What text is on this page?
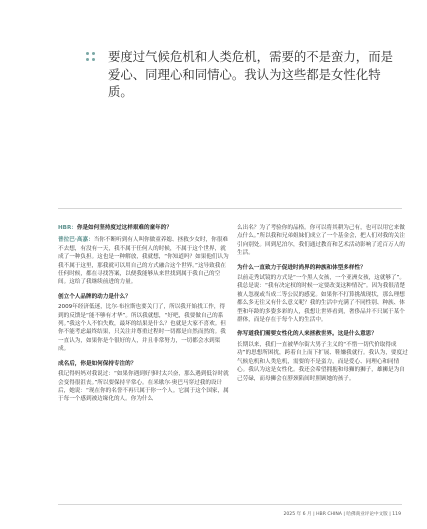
要度过气候危机和人类危机，需要的不是蛮力，而是爱心、同理心和同情心。我认为这些都是女性化特质。
HBR：你是如何坚持度过这样艰难的童年的？
普拉巴·高嘉：当你不断听到有人叫你做童养媳、拯救少女时，你很难不去想，有没有一天，我不属于任何人的时候，不属于这个世界，就成了一种负担。这也是一种解放，我就想，“你知道吗？如果他们认为我不属于这里，那我就可以用自己的方式融合这个世界。”这导致我在任何时候，都在寻找答案，以便我能够从来世找到属于我自己的空间。这给了我继续前进的力量。
创立个人品牌的动力是什么？
2009年经济低迷，比尔·布拉斯也要关门了，所以我开始找工作，得到的反馈是“能不够有才华”。所以我就想，“好吧，我要做自己的系列。”我这个人不怕失败，最坏的结果是什么？也就是大家不喜欢。但你不能考虑最终结果，只关注并尊重过程时一切都是自然而然的。我一直认为，如果你是个很好的人，并且非常努力，一切都会水到渠成。
成名后，你是如何保持专注的？
我记得妈妈对我说过：“如果你遇到好事时太兴奋，那么遇到低谷时就会变得很沮丧。”所以要保持平常心。在米歇尔·奥巴马穿过我的设计后，她说：“现在你的名誉不再只属于你一个人。它属于这个国家，属于每一个感到被边缘化的人。你为什么
么出名？为了考验你的品格。你可以将其耕为己有，也可以用它来做点什么。”所以我和兄弟姐妹们成立了一个基金会，把人们对我的关注引向别处。回到尼泊尔，我们通过教育和艺术活动影响了近百万人的生活。
为什么一直致力于促进时尚界的种族和体型多样性？
以前走秀试镜的方式是“一个黑人女孩，一个亚洲女孩，这就够了”。我总是说：“我有决定权的时候一定要改变这种情况”。因为我很清楚被人忽视或当成二等公民的感觉。如果你不打算挑战现状，那么理想都么多无往又有什么意义呢？我的生活中充满了不同性别、种族、体型和年龄的多姿多彩的人，我想让世界看到，奢侈品并不只属于某个群体，而是存在于每个人的生活中。
你写道我们需要女性化的人来拯救世界。这是什么意思？
长期以来，我们一直被华尔街大男子主义的“不惜一切代价取得成功”的思想所困扰，跨着自上而下扩展、鞋嫌我就行。我认为，要度过气候危机和人类危机，需要的不是蛮力，而是爱心、同理心和同情心。我认为这是女性化。我还会希望拥抱和母狮的狮子，雄狮是为自己劳碌，而母狮会在脖颈陷间时照顾她的孩子。
2025 年 6 月 | HBR CHINA | 哈佛商业评论中文版 | 119
